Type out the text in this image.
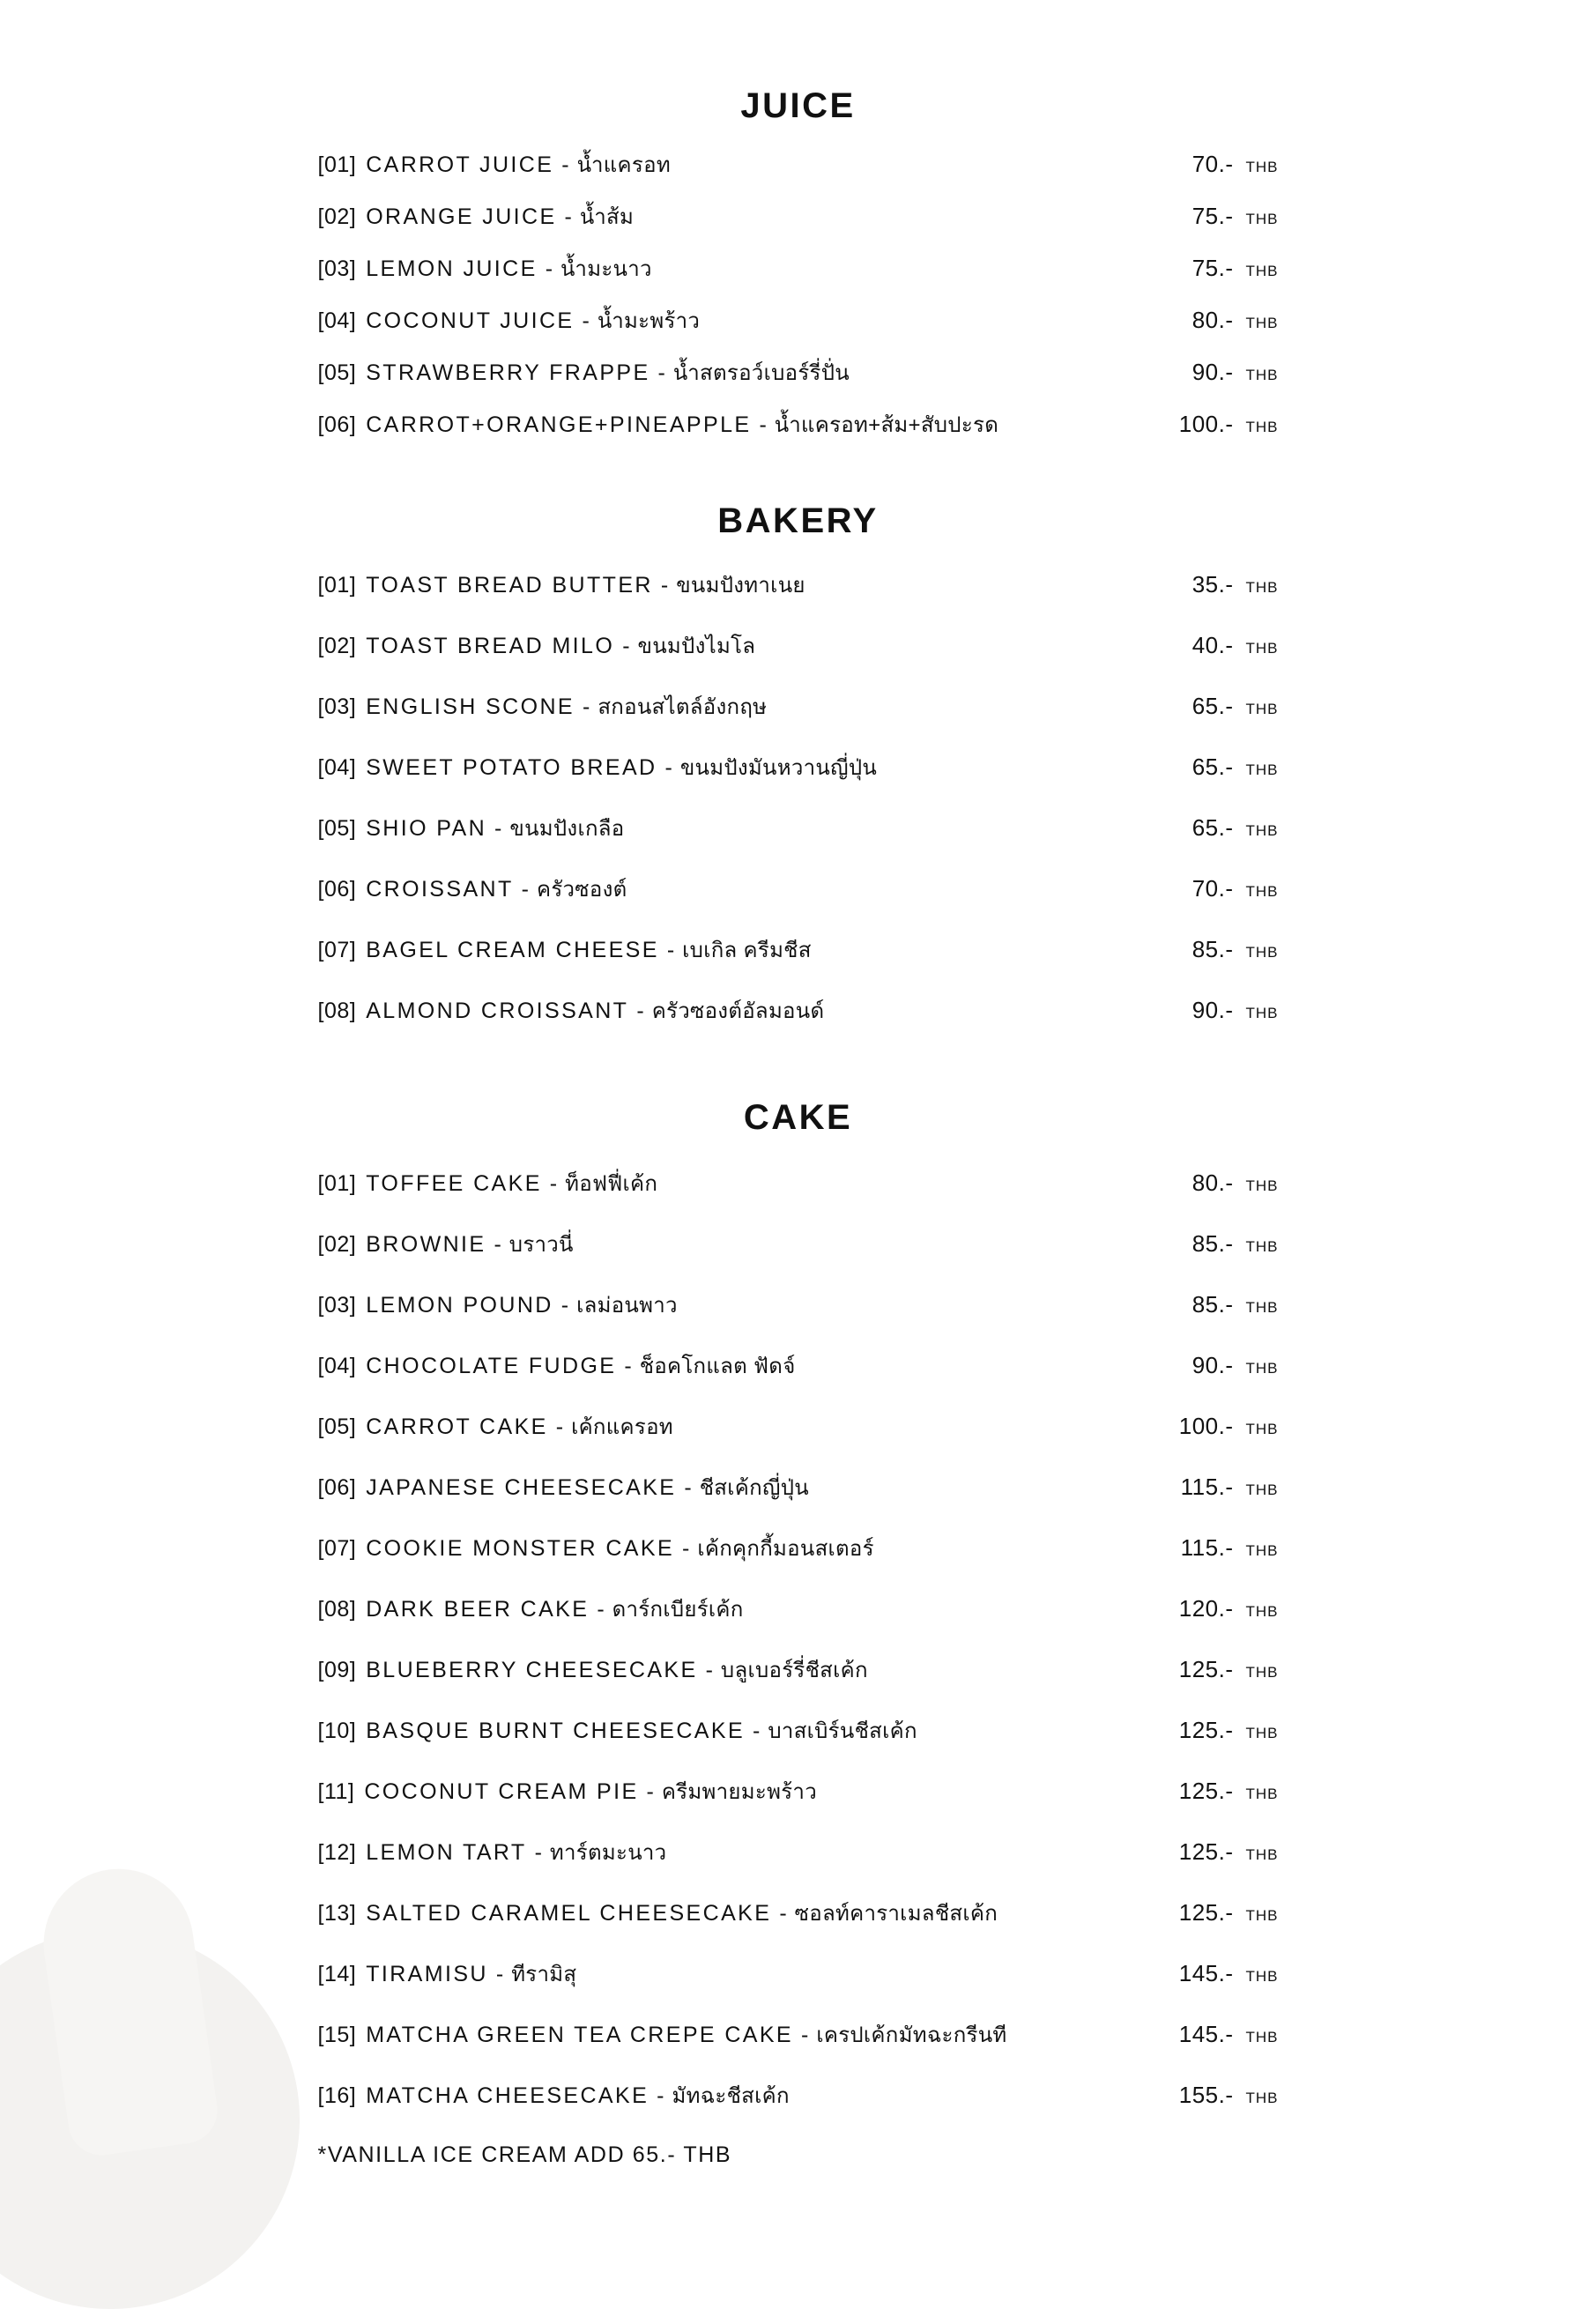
JUICE
[01] CARROT JUICE - น้ำแครอท	70.- THB
[02] ORANGE JUICE - น้ำส้ม	75.- THB
[03] LEMON JUICE - น้ำมะนาว	75.- THB
[04] COCONUT JUICE - น้ำมะพร้าว	80.- THB
[05] STRAWBERRY FRAPPE - น้ำสตรอว์เบอร์รี่ปั่น	90.- THB
[06] CARROT+ORANGE+PINEAPPLE - น้ำแครอท+ส้ม+สับปะรด	100.- THB
BAKERY
[01] TOAST BREAD BUTTER - ขนมปังทาเนย	35.- THB
[02] TOAST BREAD MILO - ขนมปังไมโล	40.- THB
[03] ENGLISH SCONE - สกอนสไตล์อังกฤษ	65.- THB
[04] SWEET POTATO BREAD - ขนมปังมันหวานญี่ปุ่น	65.- THB
[05] SHIO PAN - ขนมปังเกลือ	65.- THB
[06] CROISSANT - ครัวซองต์	70.- THB
[07] BAGEL CREAM CHEESE - เบเกิล ครีมชีส	85.- THB
[08] ALMOND CROISSANT - ครัวซองต์อัลมอนด์	90.- THB
CAKE
[01] TOFFEE CAKE - ท็อฟฟี่เค้ก	80.- THB
[02] BROWNIE - บราวนี่	85.- THB
[03] LEMON POUND - เลม่อนพาว	85.- THB
[04] CHOCOLATE FUDGE - ช็อคโกแลต ฟัดจ์	90.- THB
[05] CARROT CAKE - เค้กแครอท	100.- THB
[06] JAPANESE CHEESECAKE - ชีสเค้กญี่ปุ่น	115.- THB
[07] COOKIE MONSTER CAKE - เค้กคุกกี้มอนสเตอร์	115.- THB
[08] DARK BEER CAKE - ดาร์กเบียร์เค้ก	120.- THB
[09] BLUEBERRY CHEESECAKE - บลูเบอร์รี่ชีสเค้ก	125.- THB
[10] BASQUE BURNT CHEESECAKE - บาสเบิร์นชีสเค้ก	125.- THB
[11] COCONUT CREAM PIE - ครีมพายมะพร้าว	125.- THB
[12] LEMON TART - ทาร์ตมะนาว	125.- THB
[13] SALTED CARAMEL CHEESECAKE - ซอลท์คาราเมลชีสเค้ก	125.- THB
[14] TIRAMISU - ทีรามิสุ	145.- THB
[15] MATCHA GREEN TEA CREPE CAKE - เครปเค้กมัทฉะกรีนที	145.- THB
[16] MATCHA CHEESECAKE - มัทฉะชีสเค้ก	155.- THB
*VANILLA ICE CREAM ADD 65.- THB
